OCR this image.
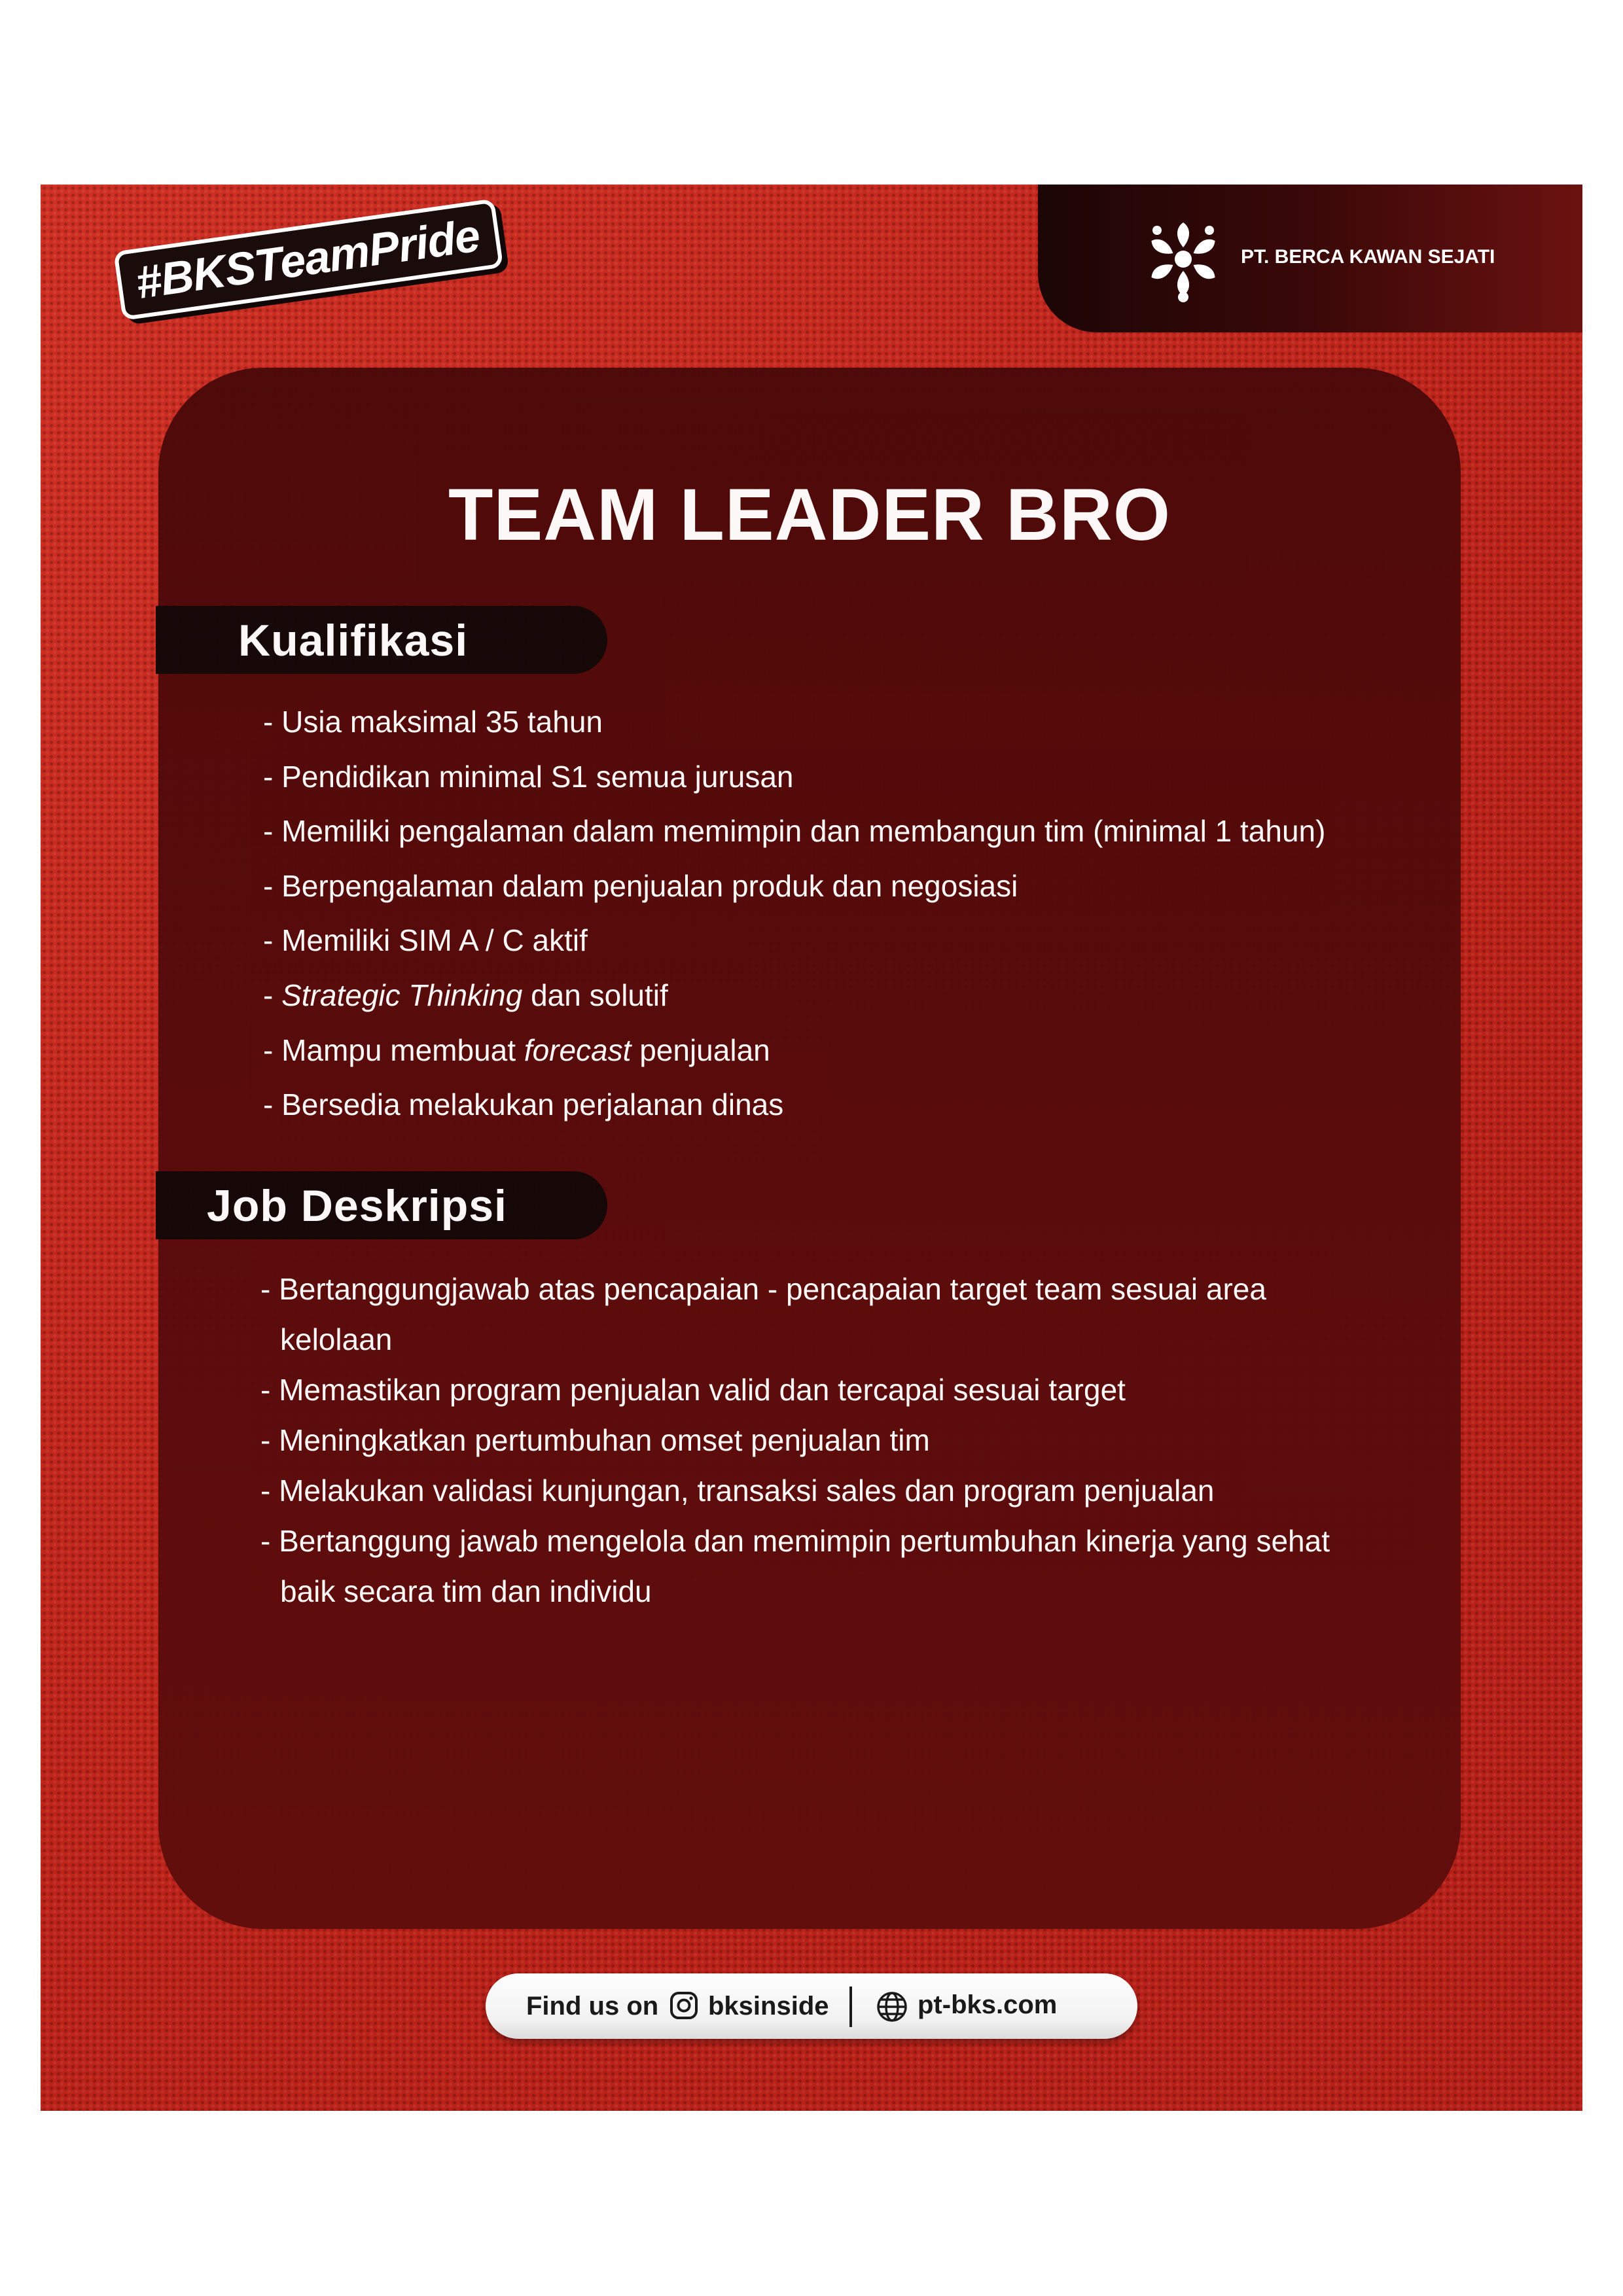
#BKSTeamPride	PT. BERCA KAWAN SEJATI
TEAM LEADER BRO
Kualifikasi
- Usia maksimal 35 tahun
- Pendidikan minimal S1 semua jurusan
- Memiliki pengalaman dalam memimpin dan membangun tim (minimal 1 tahun)
- Berpengalaman dalam penjualan produk dan negosiasi
- Memiliki SIM A / C aktif
- Strategic Thinking dan solutif
- Mampu membuat forecast penjualan
- Bersedia melakukan perjalanan dinas
Job Deskripsi
- Bertanggungjawab atas pencapaian - pencapaian target team sesuai area kelolaan
- Memastikan program penjualan valid dan tercapai sesuai target
- Meningkatkan pertumbuhan omset penjualan tim
- Melakukan validasi kunjungan, transaksi sales dan program penjualan
- Bertanggung jawab mengelola dan memimpin pertumbuhan kinerja yang sehat baik secara tim dan individu
Find us on bksinside	pt-bks.com
